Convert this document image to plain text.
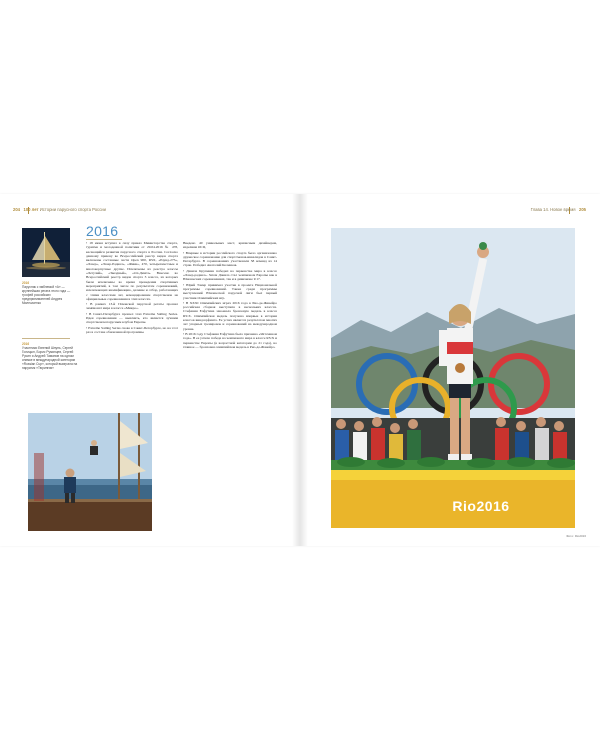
204 100 лет Истории парусного спорта России
2016
Парусник с эмблемой «A» — крупнейшая регата этого года — трофей российских предпринимателей Андрея Милешченко
2016
Участники Евгений Шпунь, Сергей Голицын, Борис Румянцев, Сергей Русин и Андрей Таманов на одном снимке в международной категории «Russian Cup», который выиграла на парусник «Тюрингия»
2016

• 18 июня вступил в силу приказ Министерства спорта, туризма и молодежной политики от 29.04.2016 № 478, касающийся развития парусного спорта в России. Согласно данному приказу во Всероссийский реестр видов спорта включены составные части Open 900, RSX, «Раунд-275», «Лазер», «Лазер-Радиал», «Финн», 470, четырехместные и многокорпусные другие. Исключены из реестра классы «Летучий», «Звездный», «Ол-Дингл». Внесено во Всероссийский реестр видов спорта 3 класса, из которых были исключены во время проведения спортивных мероприятий, в том числе по результатам соревнований, исключающих квалификацию, деление и отбор, работающих с этими классами лет, командирование спортсменов на официальные соревнования в этих классах.

• В рамках 13-й Псковской парусной регаты прошел чемпионат мира в классе «Микро».

• В Санкт-Петербурге прошел этап Extreme Sailing Series. Идея соревнования — выяснить, кто является лучшим спортсменом парусным клубом Европы.

• Extreme Sailing Series снова в Санкт-Петербурге, но на этот раз в составе обновленной программы.

Введено 40 уникальных мест, кризисным дизайнерам, изделиям ОСЦ.

• Впервые в истории российского спорта было организовано дружеское соревнование для спортсменов-инвалидов в Санкт-Петербурге. В соревнованиях участвовали 58 команд из 14 стран. Победил Анатолий Коленков.

• Данила Крупенин победил на первенстве мира в классе «Лазер-радиал». Затем Данила стал чемпионом Европы как в Юношеских соревнованиях, так и в дивизионе U17.

• Юрий Тамер принимал участие в проекте Национальной программы соревнований. Также среди программы выступлений Юношеской парусной лиги был первый участник Олимпийских игр.

• В XXXI Олимпийских играх 2016 года в Рио-де-Жанейро российская сборная выступила в нескольких классах. Стефания Елфутина завоевала бронзовую медаль в классе RS:X. Олимпийская медаль получена впервые в истории классов виндсерфинга. Ее успех является результатом многих лет упорных тренировок и соревнований на международном уровне.

• В 2016 году Стефания Елфутина была признана «Яхтсменом года». В ее успехе победа на чемпионате мира в классе RS:X и первенстве Европы (в возрастной категории до 21 года), но главное — бронзовая олимпийская медаль в Рио-де-Жанейро.

Глава 14. Новое время 205
Rio2016
Фото: Rio2016
